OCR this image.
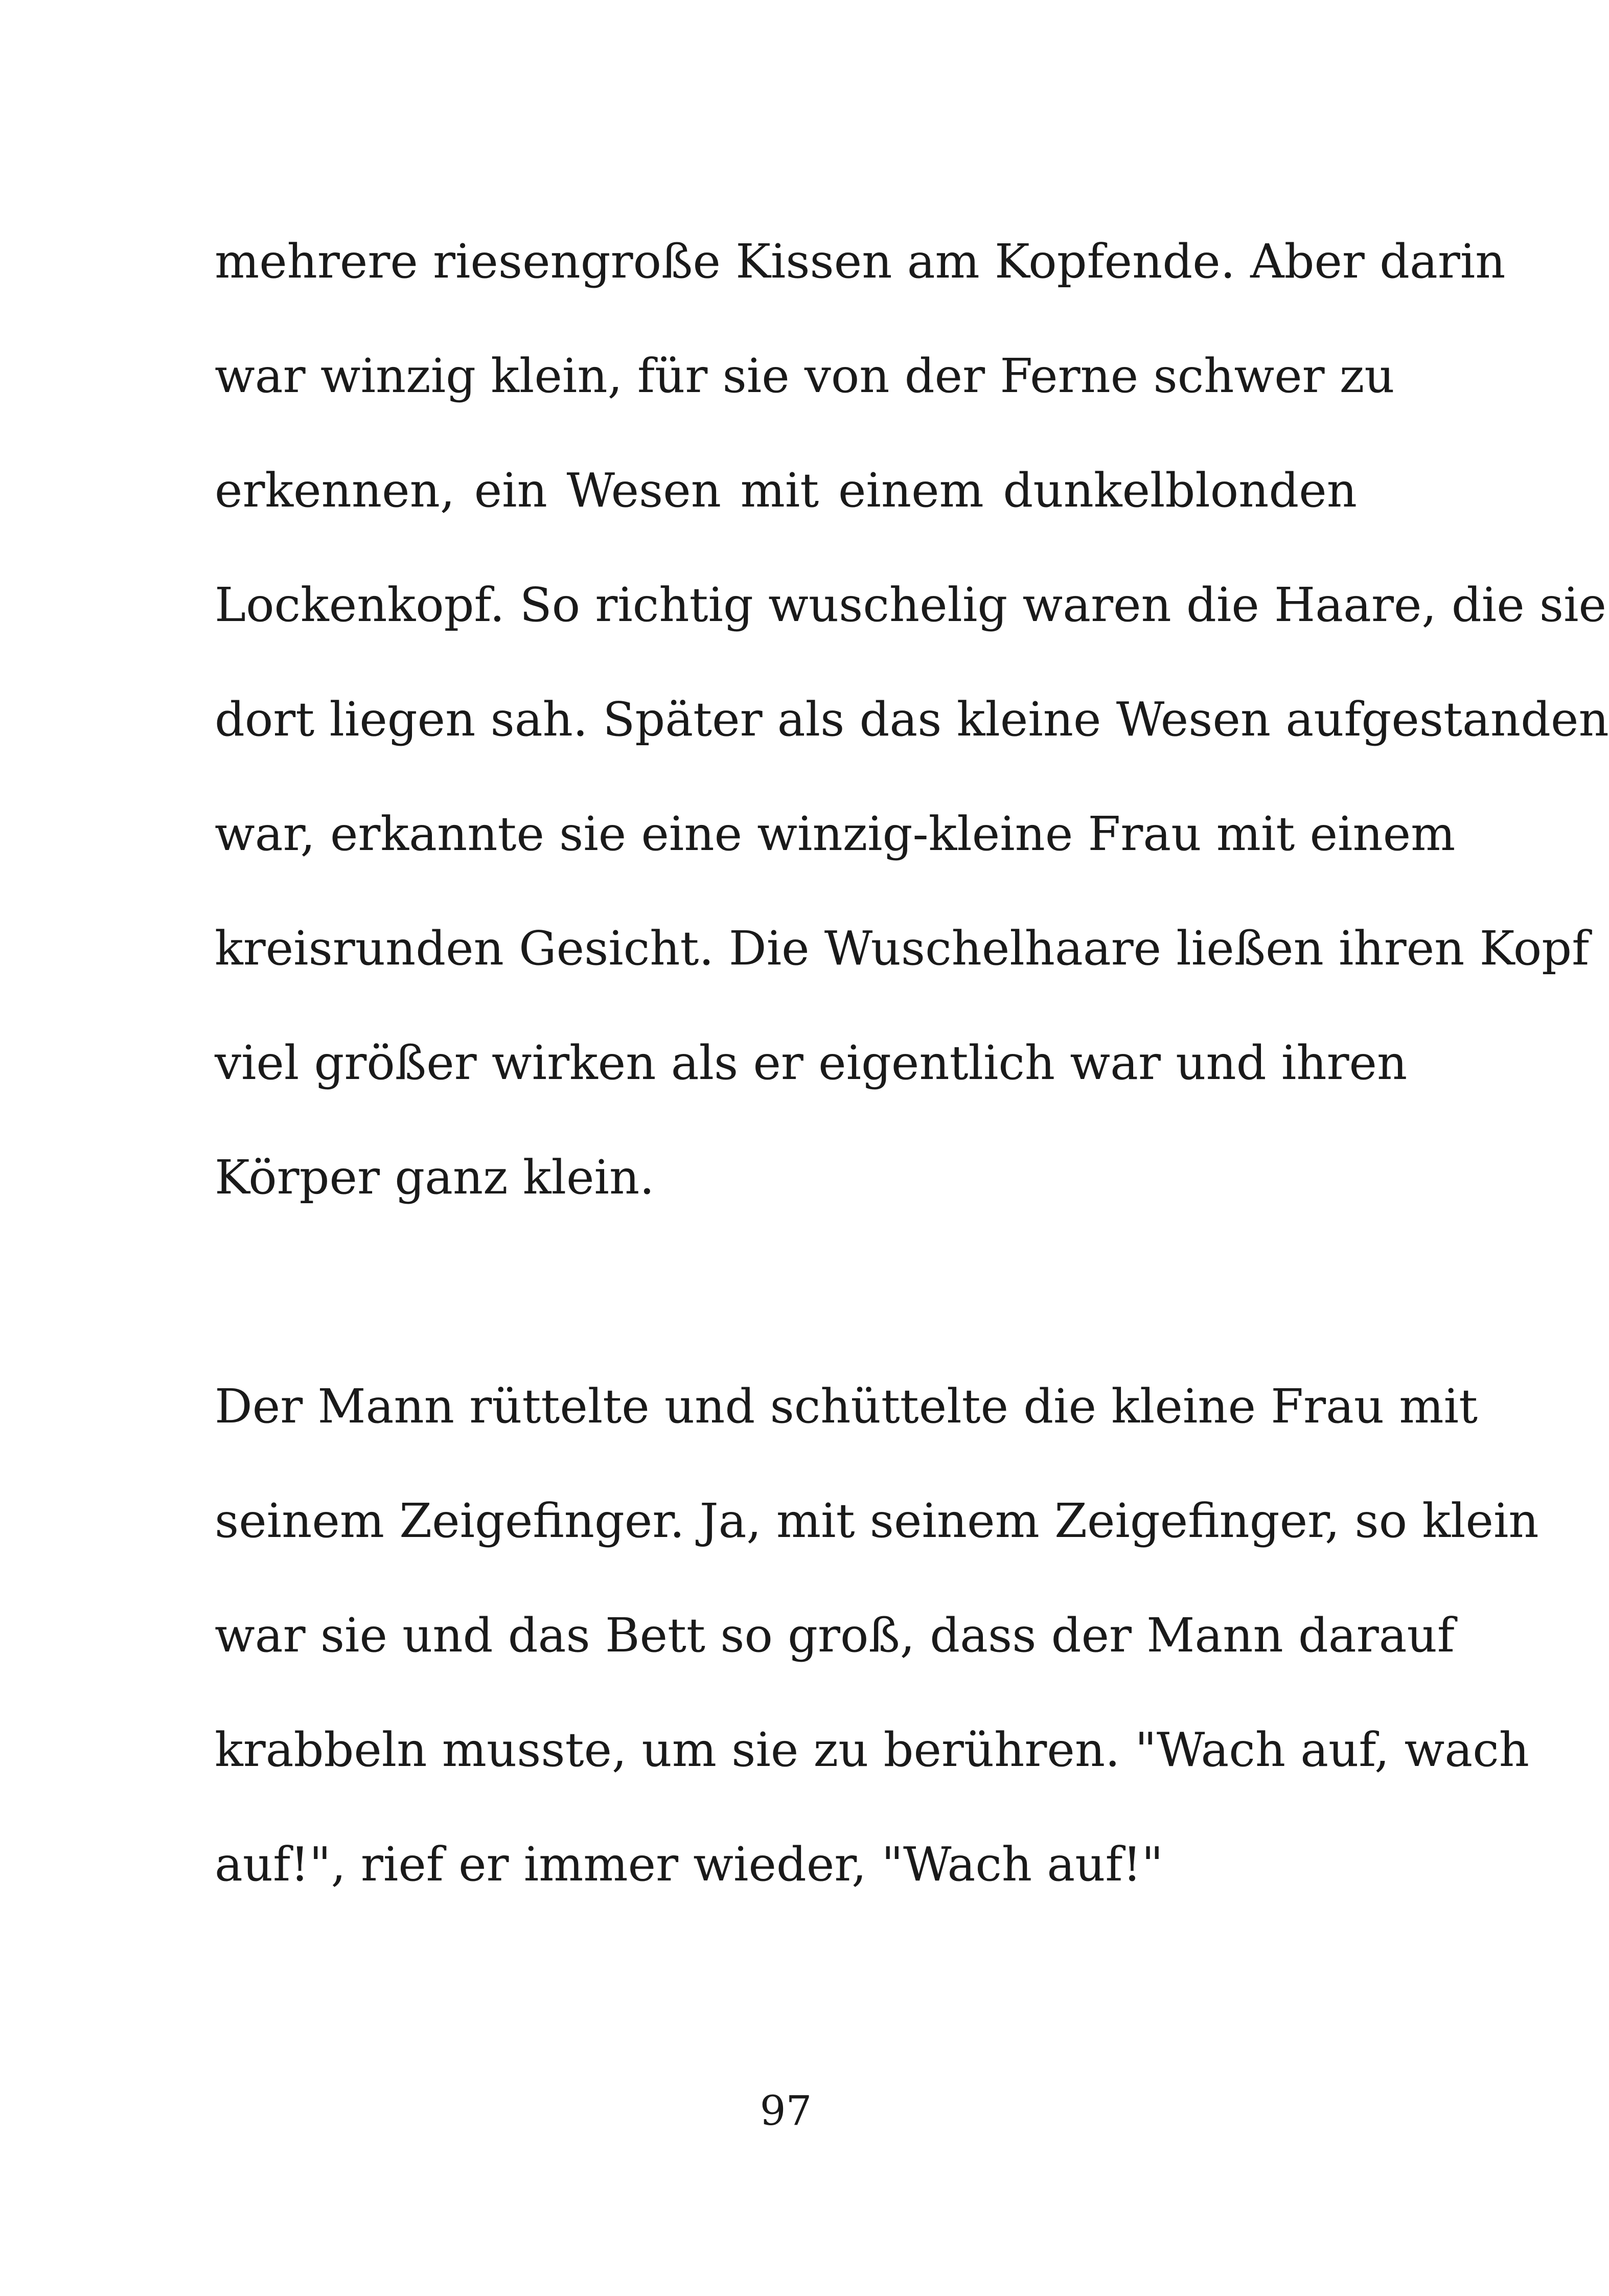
mehrere riesengroße Kissen am Kopfende. Aber darin
war winzig klein, für sie von der Ferne schwer zu
erkennen, ein Wesen mit einem dunkelblonden
Lockenkopf. So richtig wuschelig waren die Haare, die sie
dort liegen sah. Später als das kleine Wesen aufgestanden
war, erkannte sie eine winzig-kleine Frau mit einem
kreisrunden Gesicht. Die Wuschelhaare ließen ihren Kopf
viel größer wirken als er eigentlich war und ihren
Körper ganz klein.
Der Mann rüttelte und schüttelte die kleine Frau mit
seinem Zeigefinger. Ja, mit seinem Zeigefinger, so klein
war sie und das Bett so groß, dass der Mann darauf
krabbeln musste, um sie zu berühren. "Wach auf, wach
auf!", rief er immer wieder, "Wach auf!"
97
